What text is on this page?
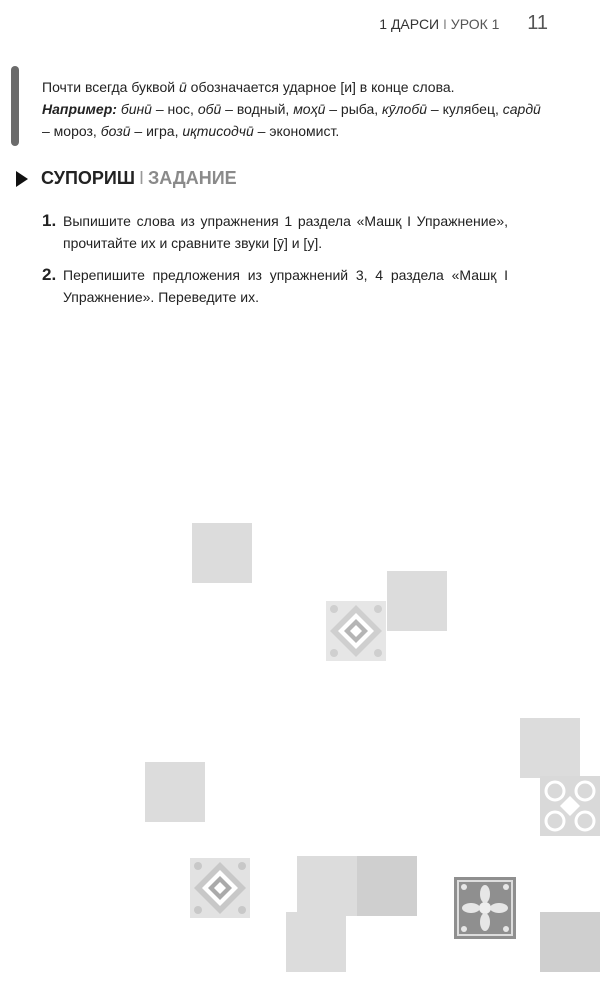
1 ДАРСИ I УРОК 1 11

Почти всегда буквой ӣ обозначается ударное [и] в конце слова.

Например: бинӣ – нос, обӣ – водный, моҳӣ – рыба, кӯлобӣ – кулябец, сардӣ – мороз, бозӣ – игра, иқтисодчӣ – экономист.

СУПОРИШ I ЗАДАНИЕ
1. Выпишите слова из упражнения 1 раздела «Машқ I Упражнение», прочитайте их и сравните звуки [ӯ] и [у].
2. Перепишите предложения из упражнений 3, 4 раздела «Машқ I Упражнение». Переведите их.
